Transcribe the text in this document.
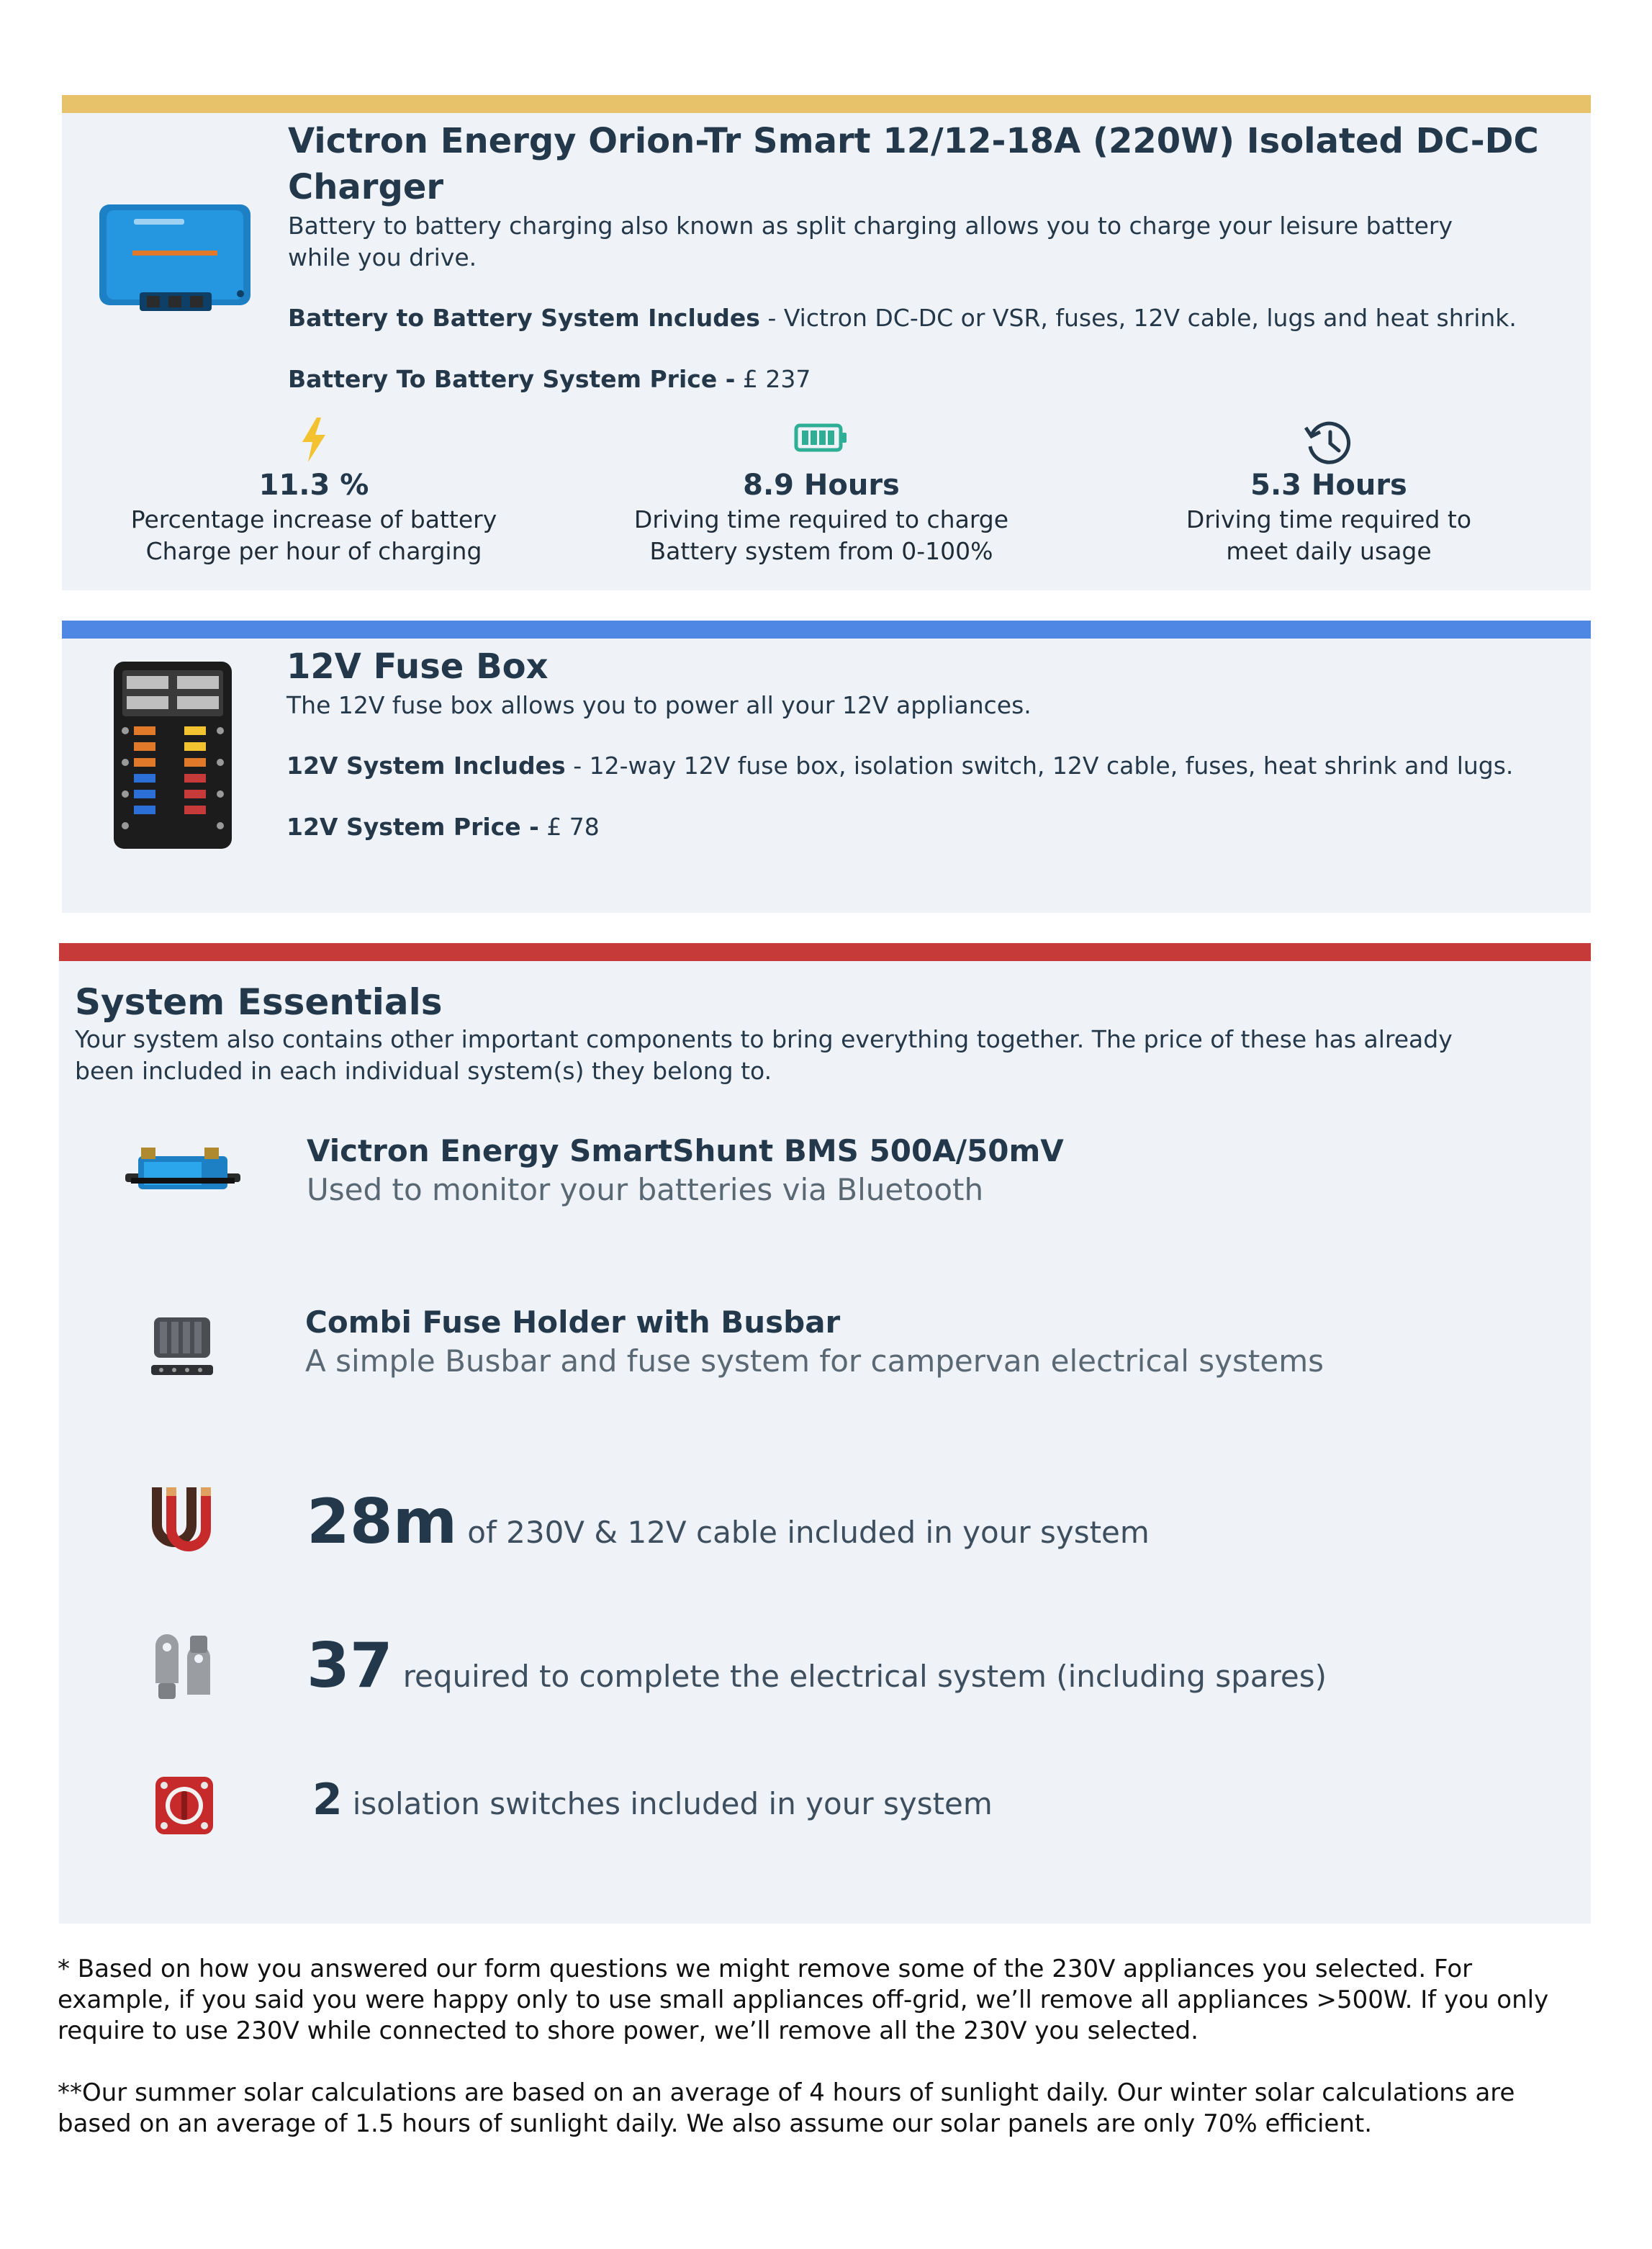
Victron Energy Orion-Tr Smart 12/12-18A (220W) Isolated DC-DC
Charger
Battery to battery charging also known as split charging allows you to charge your leisure battery
while you drive.
Battery to Battery System Includes - Victron DC-DC or VSR, fuses, 12V cable, lugs and heat shrink.
Battery To Battery System Price - £ 237
11.3 %
Percentage increase of battery
Charge per hour of charging
8.9 Hours
Driving time required to charge
Battery system from 0-100%
5.3 Hours
Driving time required to
meet daily usage
12V Fuse Box
The 12V fuse box allows you to power all your 12V appliances.
12V System Includes - 12-way 12V fuse box, isolation switch, 12V cable, fuses, heat shrink and lugs.
12V System Price - £ 78
System Essentials
Your system also contains other important components to bring everything together. The price of these has already
been included in each individual system(s) they belong to.
Victron Energy SmartShunt BMS 500A/50mV
Used to monitor your batteries via Bluetooth
Combi Fuse Holder with Busbar
A simple Busbar and fuse system for campervan electrical systems
28m of 230V & 12V cable included in your system
37 required to complete the electrical system (including spares)
2 isolation switches included in your system
* Based on how you answered our form questions we might remove some of the 230V appliances you selected. For
example, if you said you were happy only to use small appliances off-grid, we’ll remove all appliances >500W. If you only
require to use 230V while connected to shore power, we’ll remove all the 230V you selected.
**Our summer solar calculations are based on an average of 4 hours of sunlight daily. Our winter solar calculations are
based on an average of 1.5 hours of sunlight daily. We also assume our solar panels are only 70% efficient.
